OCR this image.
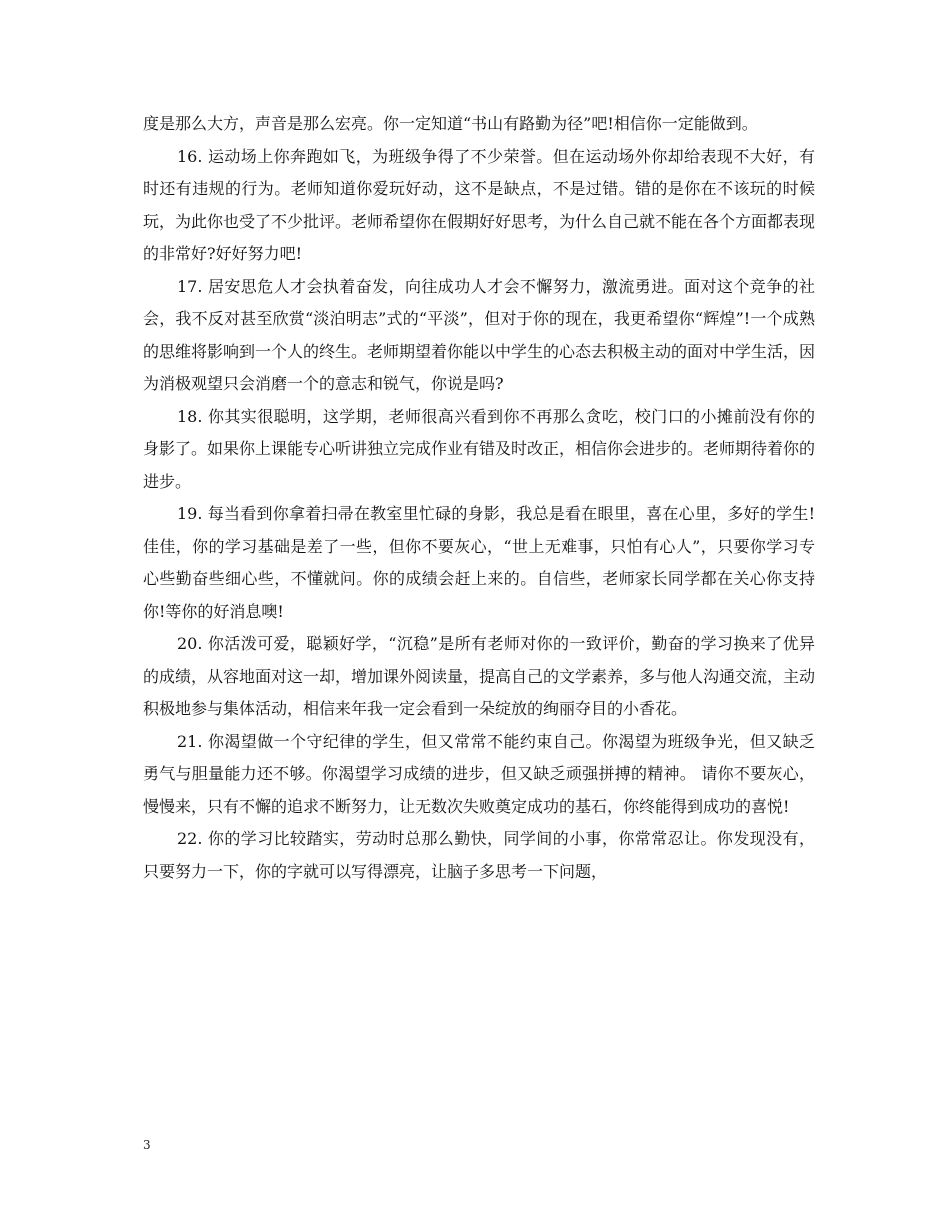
度是那么大方，声音是那么宏亮。你一定知道“书山有路勤为径”吧!相信你一定能做到。

16. 运动场上你奔跑如飞，为班级争得了不少荣誉。但在运动场外你却给表现不大好，有时还有违规的行为。老师知道你爱玩好动，这不是缺点，不是过错。错的是你在不该玩的时候玩，为此你也受了不少批评。老师希望你在假期好好思考，为什么自己就不能在各个方面都表现的非常好?好好努力吧!

17. 居安思危人才会执着奋发，向往成功人才会不懈努力，激流勇进。面对这个竞争的社会，我不反对甚至欣赏“淡泊明志”式的“平淡”，但对于你的现在，我更希望你“辉煌”!一个成熟的思维将影响到一个人的终生。老师期望着你能以中学生的心态去积极主动的面对中学生活，因为消极观望只会消磨一个的意志和锐气，你说是吗?

18. 你其实很聪明，这学期，老师很高兴看到你不再那么贪吃，校门口的小摊前没有你的身影了。如果你上课能专心听讲独立完成作业有错及时改正，相信你会进步的。老师期待着你的进步。

19. 每当看到你拿着扫帚在教室里忙碌的身影，我总是看在眼里，喜在心里，多好的学生!佳佳，你的学习基础是差了一些，但你不要灰心，“世上无难事，只怕有心人”，只要你学习专心些勤奋些细心些，不懂就问。你的成绩会赶上来的。自信些，老师家长同学都在关心你支持你!等你的好消息噢!

20. 你活泼可爱，聪颖好学，“沉稳”是所有老师对你的一致评价，勤奋的学习换来了优异的成绩，从容地面对这一却，增加课外阅读量，提高自己的文学素养，多与他人沟通交流，主动积极地参与集体活动，相信来年我一定会看到一朵绽放的绚丽夺目的小香花。

21. 你渴望做一个守纪律的学生，但又常常不能约束自己。你渴望为班级争光，但又缺乏勇气与胆量能力还不够。你渴望学习成绩的进步，但又缺乏顽强拼搏的精神。 请你不要灰心，慢慢来，只有不懈的追求不断努力，让无数次失败奠定成功的基石，你终能得到成功的喜悦!

22. 你的学习比较踏实，劳动时总那么勤快，同学间的小事，你常常忍让。你发现没有，只要努力一下，你的字就可以写得漂亮，让脑子多思考一下问题，

3
